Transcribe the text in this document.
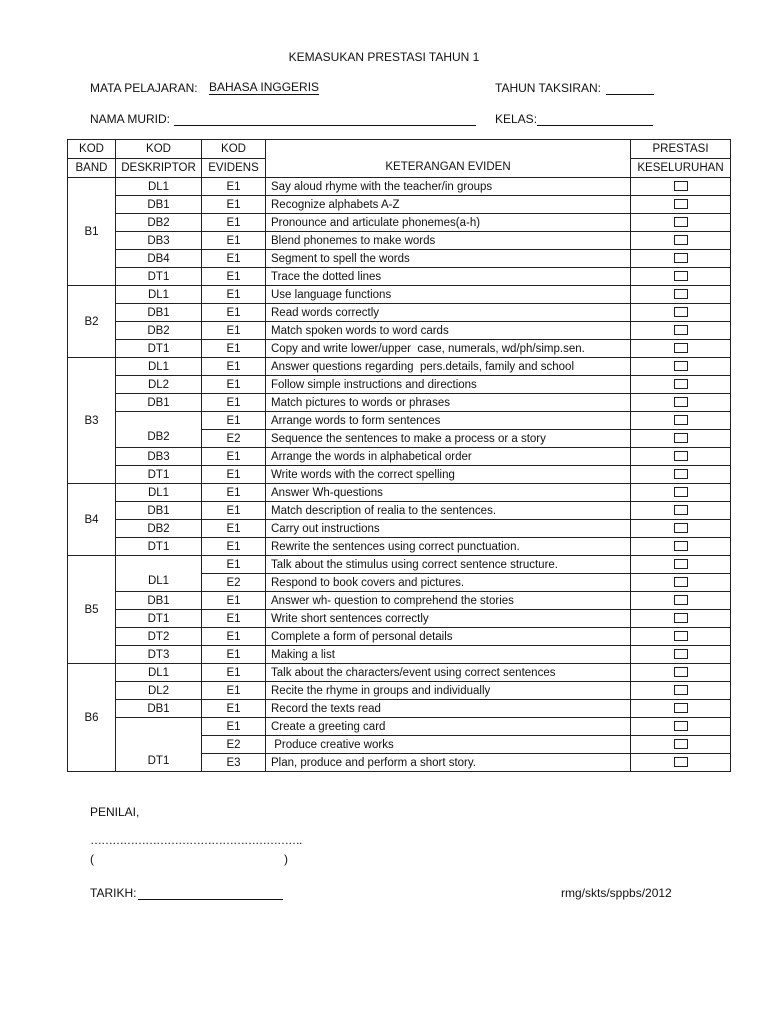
KEMASUKAN PRESTASI TAHUN 1
MATA PELAJARAN: BAHASA INGGERIS	TAHUN TAKSIRAN:
NAMA MURID:	KELAS:
KOD	KOD	KOD	KETERANGAN EVIDEN	PRESTASI
BAND	DESKRIPTOR	EVIDENS		KESELURUHAN
B1	DL1	E1	Say aloud rhyme with the teacher/in groups	
	DB1	E1	Recognize alphabets A-Z	
	DB2	E1	Pronounce and articulate phonemes(a-h)	
	DB3	E1	Blend phonemes to make words	
	DB4	E1	Segment to spell the words	
	DT1	E1	Trace the dotted lines	
B2	DL1	E1	Use language functions	
	DB1	E1	Read words correctly	
	DB2	E1	Match spoken words to word cards	
	DT1	E1	Copy and write lower/upper  case, numerals, wd/ph/simp.sen.	
B3	DL1	E1	Answer questions regarding  pers.details, family and school	
	DL2	E1	Follow simple instructions and directions	
	DB1	E1	Match pictures to words or phrases	
	DB2	E1	Arrange words to form sentences	
		E2	Sequence the sentences to make a process or a story	
	DB3	E1	Arrange the words in alphabetical order	
	DT1	E1	Write words with the correct spelling	
B4	DL1	E1	Answer Wh-questions	
	DB1	E1	Match description of realia to the sentences.	
	DB2	E1	Carry out instructions	
	DT1	E1	Rewrite the sentences using correct punctuation.	
B5	DL1	E1	Talk about the stimulus using correct sentence structure.	
		E2	Respond to book covers and pictures.	
	DB1	E1	Answer wh- question to comprehend the stories	
	DT1	E1	Write short sentences correctly	
	DT2	E1	Complete a form of personal details	
	DT3	E1	Making a list	
B6	DL1	E1	Talk about the characters/event using correct sentences	
	DL2	E1	Recite the rhyme in groups and individually	
	DB1	E1	Record the texts read	
	DT1	E1	Create a greeting card	
		E2	Produce creative works	
		E3	Plan, produce and perform a short story.	
PENILAI,
………………………………………………….
(	)
TARIKH:	rmg/skts/sppbs/2012
